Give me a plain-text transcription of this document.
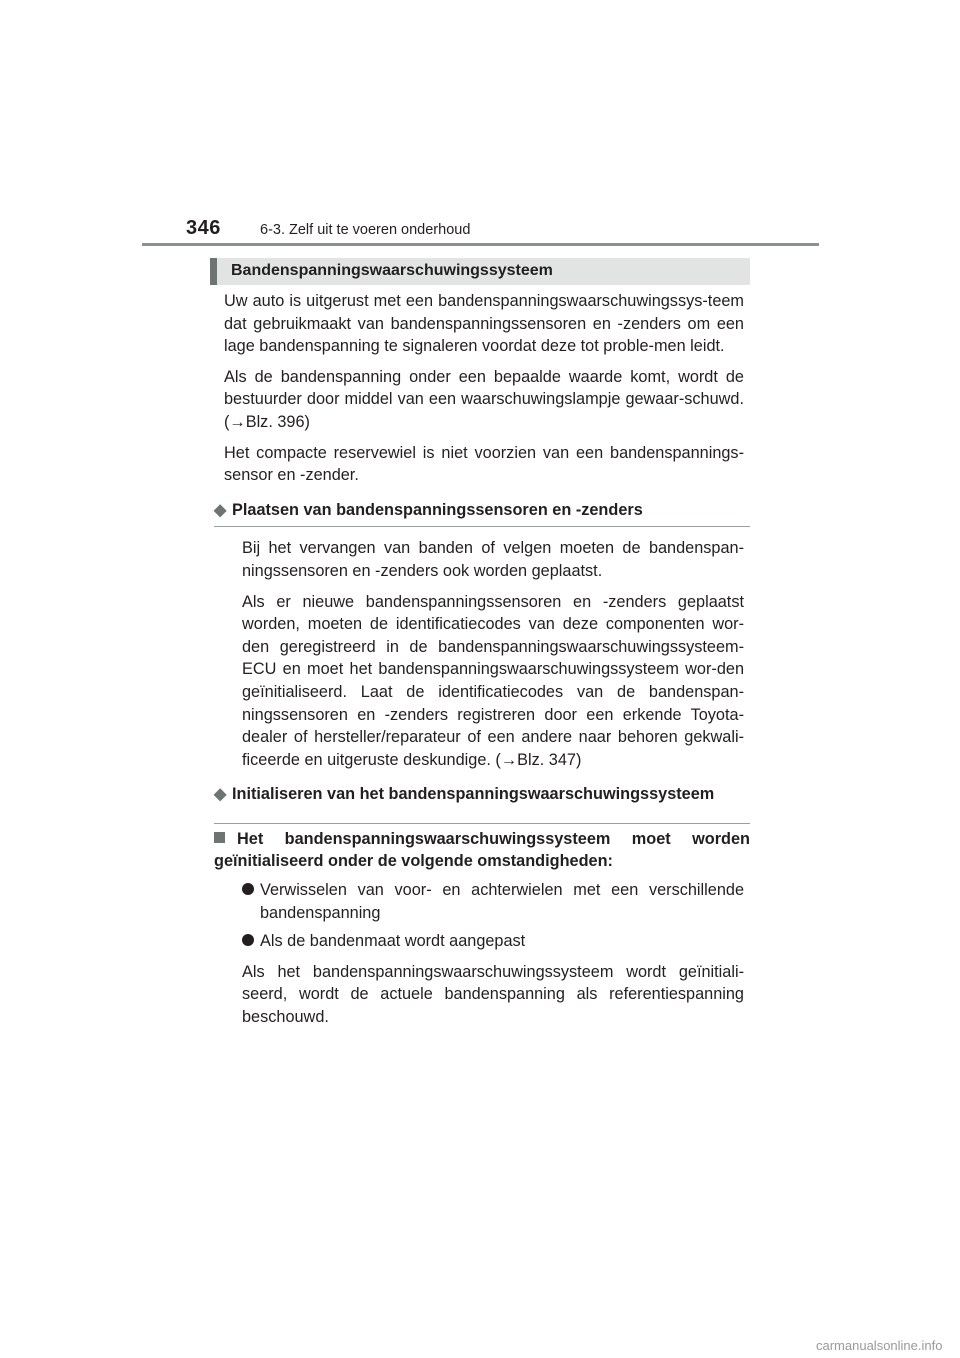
346	6-3. Zelf uit te voeren onderhoud
Bandenspanningswaarschuwingssysteem

Uw auto is uitgerust met een bandenspanningswaarschuwingssys-teem dat gebruikmaakt van bandenspanningssensoren en -zenders om een lage bandenspanning te signaleren voordat deze tot proble-men leidt.

Als de bandenspanning onder een bepaalde waarde komt, wordt de bestuurder door middel van een waarschuwingslampje gewaar-schuwd. (→Blz. 396)

Het compacte reservewiel is niet voorzien van een bandenspannings-sensor en -zender.

◆ Plaatsen van bandenspanningssensoren en -zenders

Bij het vervangen van banden of velgen moeten de bandenspan-ningssensoren en -zenders ook worden geplaatst.

Als er nieuwe bandenspanningssensoren en -zenders geplaatst worden, moeten de identificatiecodes van deze componenten wor-den geregistreerd in de bandenspanningswaarschuwingssysteem-ECU en moet het bandenspanningswaarschuwingssysteem wor-den geïnitialiseerd. Laat de identificatiecodes van de bandenspan-ningssensoren en -zenders registreren door een erkende Toyota-dealer of hersteller/reparateur of een andere naar behoren gekwali-ficeerde en uitgeruste deskundige. (→Blz. 347)

◆ Initialiseren van het bandenspanningswaarschuwingssysteem
Het bandenspanningswaarschuwingssysteem moet worden geïnitialiseerd onder de volgende omstandigheden:
Verwisselen van voor- en achterwielen met een verschillende bandenspanning
Als de bandenmaat wordt aangepast

Als het bandenspanningswaarschuwingssysteem wordt geïnitiali-seerd, wordt de actuele bandenspanning als referentiespanning beschouwd.

carmanualsonline.info
